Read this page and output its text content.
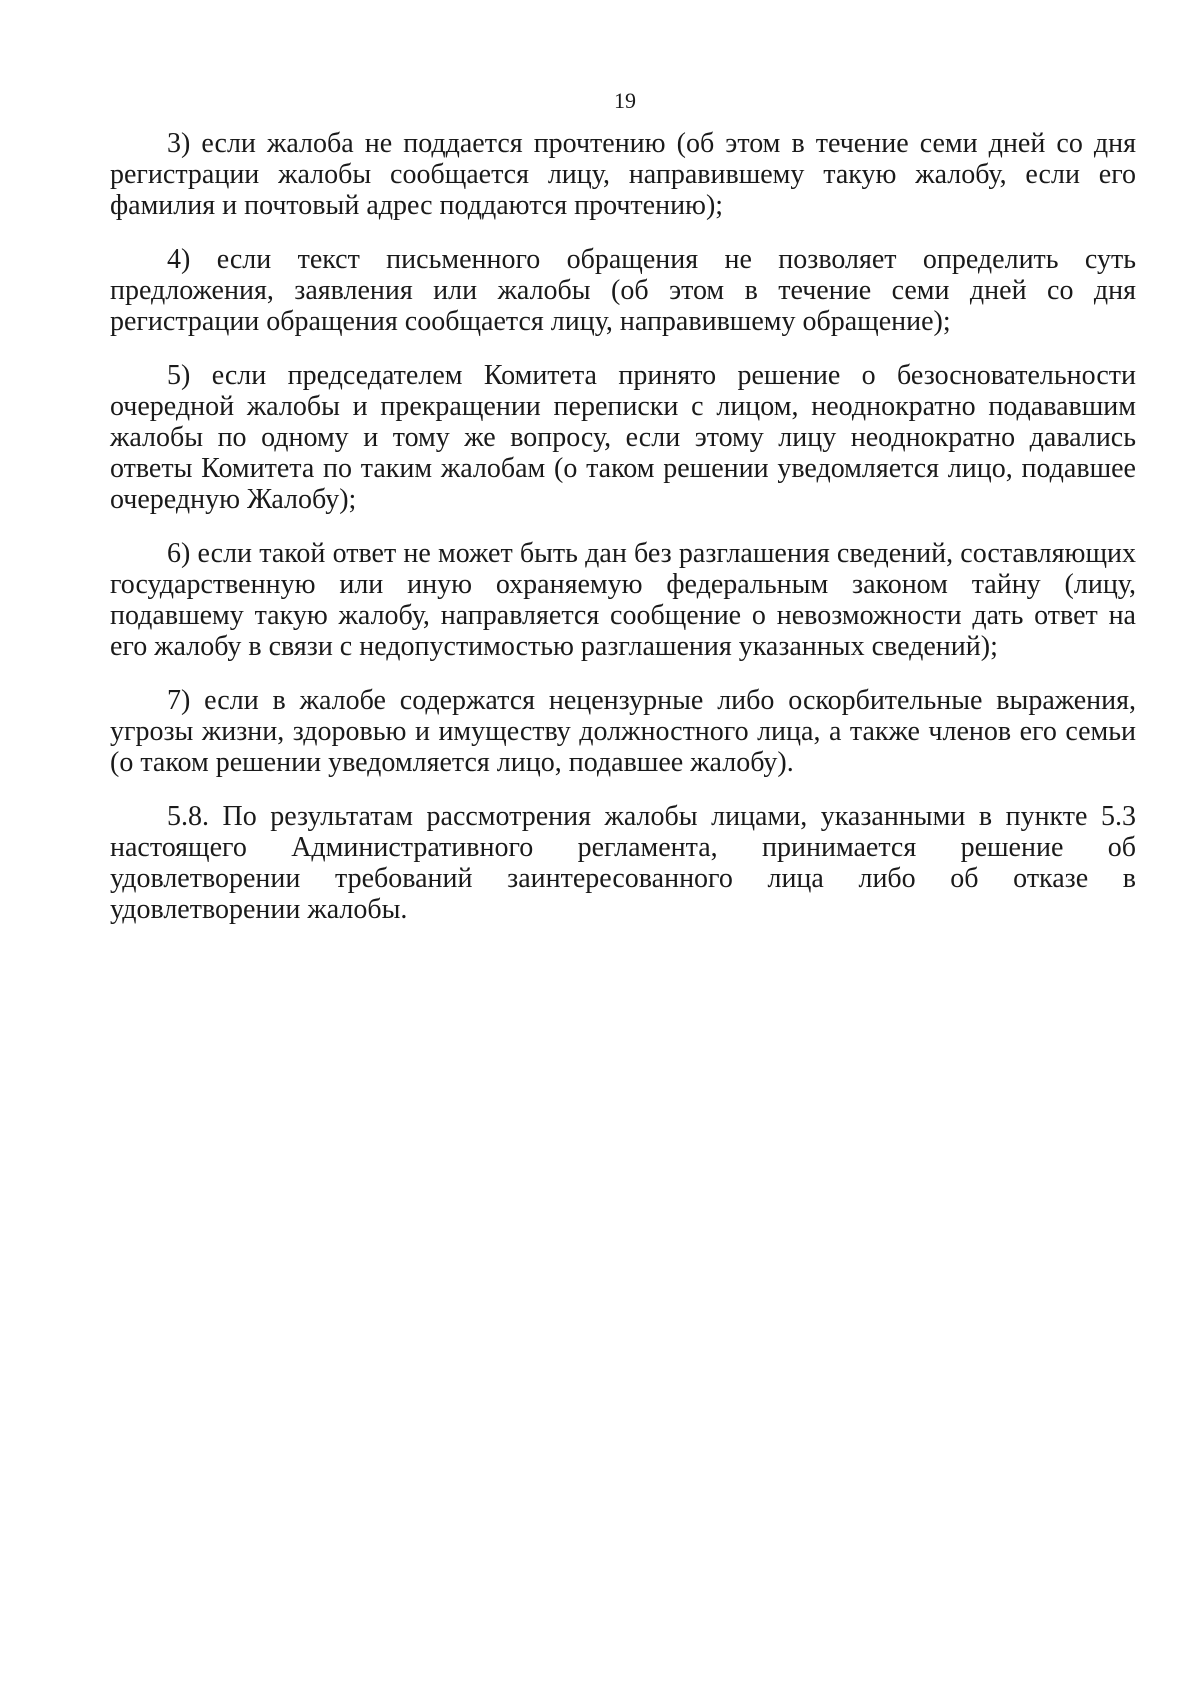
19

3) если жалоба не поддается прочтению (об этом в течение семи дней со дня регистрации жалобы сообщается лицу, направившему такую жалобу, если его фамилия и почтовый адрес поддаются прочтению);

4) если текст письменного обращения не позволяет определить суть предложения, заявления или жалобы (об этом в течение семи дней со дня регистрации обращения сообщается лицу, направившему обращение);

5) если председателем Комитета принято решение о безосновательности очередной жалобы и прекращении переписки с лицом, неоднократно подававшим жалобы по одному и тому же вопросу, если этому лицу неоднократно давались ответы Комитета по таким жалобам (о таком решении уведомляется лицо, подавшее очередную Жалобу);

6) если такой ответ не может быть дан без разглашения сведений, составляющих государственную или иную охраняемую федеральным законом тайну (лицу, подавшему такую жалобу, направляется сообщение о невозможности дать ответ на его жалобу в связи с недопустимостью разглашения указанных сведений);

7) если в жалобе содержатся нецензурные либо оскорбительные выражения, угрозы жизни, здоровью и имуществу должностного лица, а также членов его семьи (о таком решении уведомляется лицо, подавшее жалобу).

5.8. По результатам рассмотрения жалобы лицами, указанными в пункте 5.3 настоящего Административного регламента, принимается решение об удовлетворении требований заинтересованного лица либо об отказе в удовлетворении жалобы.
